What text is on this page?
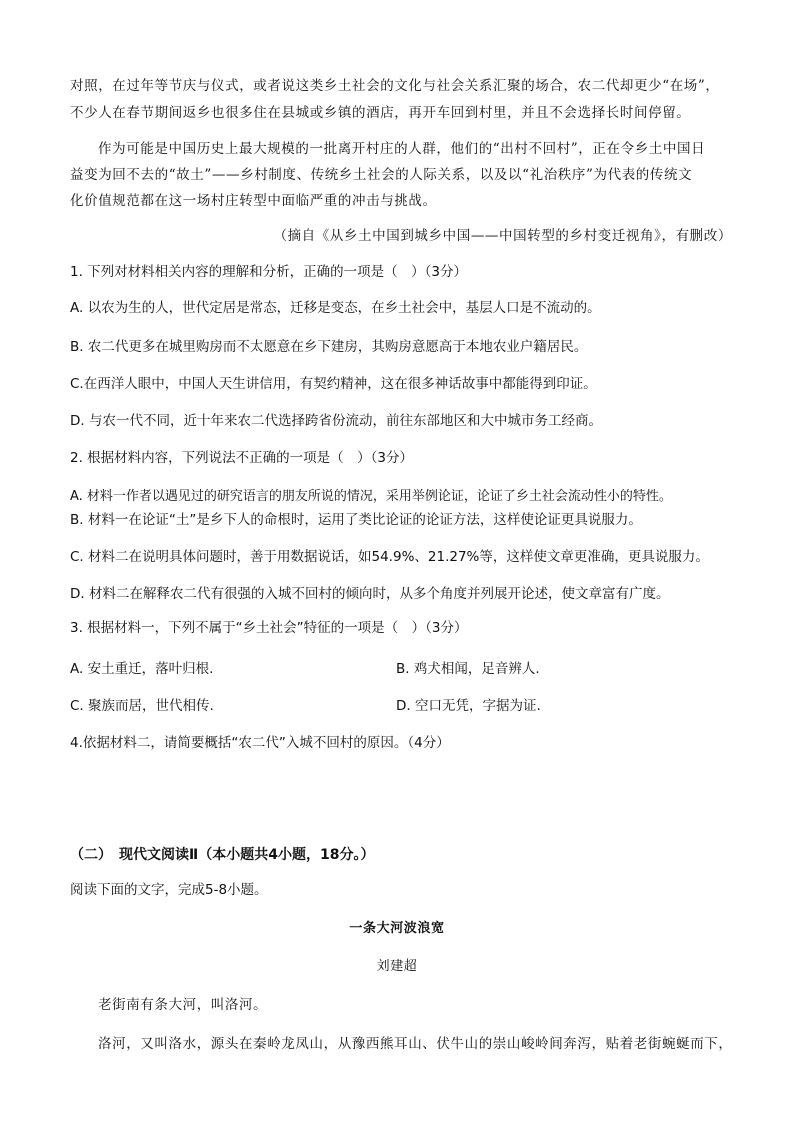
对照，在过年等节庆与仪式，或者说这类乡土社会的文化与社会关系汇聚的场合，农二代却更少“在场”，
不少人在春节期间返乡也很多住在县城或乡镇的酒店，再开车回到村里，并且不会选择长时间停留。
作为可能是中国历史上最大规模的一批离开村庄的人群，他们的“出村不回村”，正在令乡土中国日
益变为回不去的“故土”——乡村制度、传统乡土社会的人际关系，以及以“礼治秩序”为代表的传统文
化价值规范都在这一场村庄转型中面临严重的冲击与挑战。
（摘自《从乡土中国到城乡中国——中国转型的乡村变迁视角》，有删改）
1. 下列对材料相关内容的理解和分析，正确的一项是（　）（3分）
A. 以农为生的人，世代定居是常态，迁移是变态，在乡土社会中，基层人口是不流动的。
B. 农二代更多在城里购房而不太愿意在乡下建房，其购房意愿高于本地农业户籍居民。
C.在西洋人眼中，中国人天生讲信用，有契约精神，这在很多神话故事中都能得到印证。
D. 与农一代不同，近十年来农二代选择跨省份流动，前往东部地区和大中城市务工经商。
2. 根据材料内容，下列说法不正确的一项是（　）（3分）
A. 材料一作者以遇见过的研究语言的朋友所说的情况，采用举例论证，论证了乡土社会流动性小的特性。
B. 材料一在论证“土”是乡下人的命根时，运用了类比论证的论证方法，这样使论证更具说服力。
C. 材料二在说明具体问题时，善于用数据说话，如54.9%、21.27%等，这样使文章更准确，更具说服力。
D. 材料二在解释农二代有很强的入城不回村的倾向时，从多个角度并列展开论述，使文章富有广度。
3. 根据材料一，下列不属于“乡土社会”特征的一项是（　）（3分）
A. 安土重迁，落叶归根.	B. 鸡犬相闻，足音辨人.
C. 聚族而居，世代相传.	D. 空口无凭，字据为证.
4.依据材料二，请简要概括“农二代”入城不回村的原因。（4分）
（二）　现代文阅读Ⅱ（本小题共4小题，18分。）
阅读下面的文字，完成5-8小题。
一条大河波浪宽
刘建超
老街南有条大河，叫洛河。
洛河，又叫洛水，源头在秦岭龙凤山，从豫西熊耳山、伏牛山的崇山峻岭间奔泻，贴着老街蜿蜒而下，
